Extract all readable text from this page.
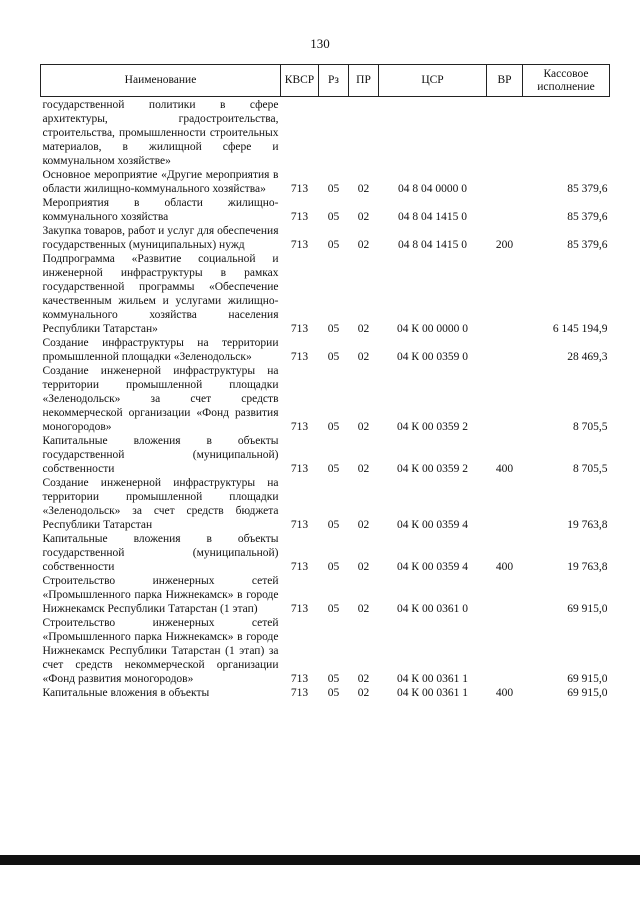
130
Наименование	КВСР	Рз	ПР	ЦСР	ВР	Кассовое исполнение
государственной политики в сфере архитектуры, градостроительства, строительства, промышленности строительных материалов, в жилищной сфере и коммунальном хозяйстве»						
Основное мероприятие «Другие мероприятия в области жилищно-коммунального хозяйства»	713	05	02	04 8 04 0000 0		85 379,6
Мероприятия в области жилищно-коммунального хозяйства	713	05	02	04 8 04 1415 0		85 379,6
Закупка товаров, работ и услуг для обеспечения государственных (муниципальных) нужд	713	05	02	04 8 04 1415 0	200	85 379,6
Подпрограмма «Развитие социальной и инженерной инфраструктуры в рамках государственной программы «Обеспечение качественным жильем и услугами жилищно-коммунального хозяйства населения Республики Татарстан»	713	05	02	04 К 00 0000 0		6 145 194,9
Создание инфраструктуры на территории промышленной площадки «Зеленодольск»	713	05	02	04 К 00 0359 0		28 469,3
Создание инженерной инфраструктуры на территории промышленной площадки «Зеленодольск» за счет средств некоммерческой организации «Фонд развития моногородов»	713	05	02	04 К 00 0359 2		8 705,5
Капитальные вложения в объекты государственной (муниципальной) собственности	713	05	02	04 К 00 0359 2	400	8 705,5
Создание инженерной инфраструктуры на территории промышленной площадки «Зеленодольск» за счет средств бюджета Республики Татарстан	713	05	02	04 К 00 0359 4		19 763,8
Капитальные вложения в объекты государственной (муниципальной) собственности	713	05	02	04 К 00 0359 4	400	19 763,8
Строительство инженерных сетей «Промышленного парка Нижнекамск» в городе Нижнекамск Республики Татарстан (1 этап)	713	05	02	04 К 00 0361 0		69 915,0
Строительство инженерных сетей «Промышленного парка Нижнекамск» в городе Нижнекамск Республики Татарстан (1 этап) за счет средств некоммерческой организации «Фонд развития моногородов»	713	05	02	04 К 00 0361 1		69 915,0
Капитальные вложения в объекты	713	05	02	04 К 00 0361 1	400	69 915,0
